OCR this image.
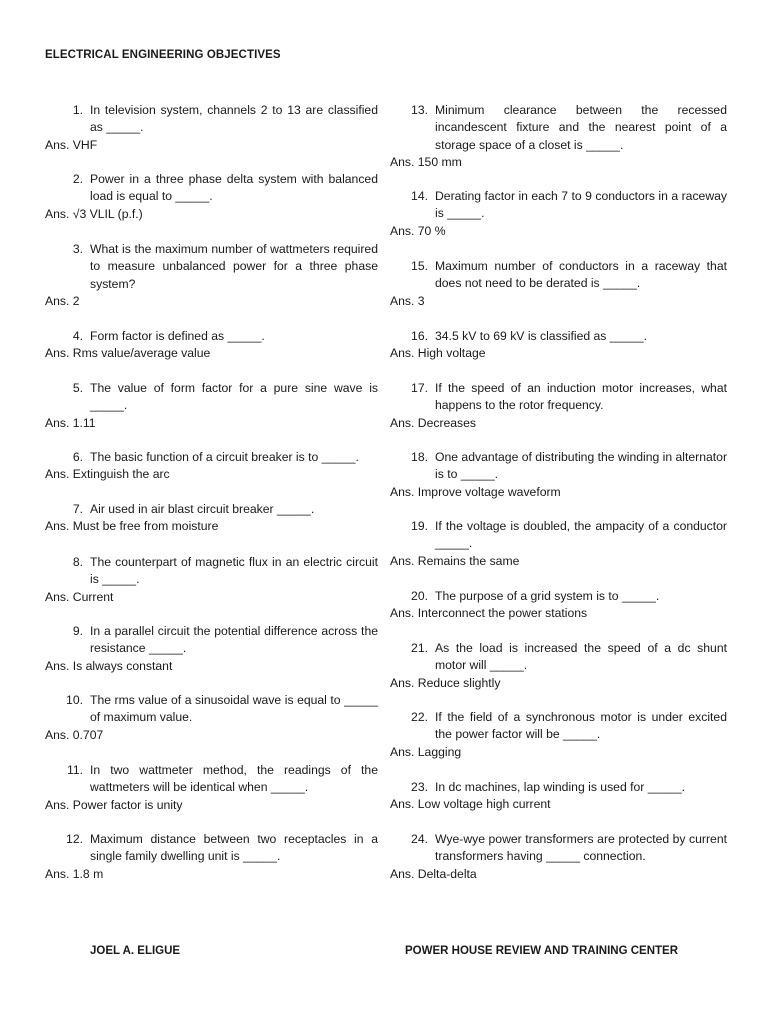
ELECTRICAL ENGINEERING OBJECTIVES
1. In television system, channels 2 to 13 are classified as _____.
Ans. VHF
2. Power in a three phase delta system with balanced load is equal to _____.
Ans. √3 VLIL (p.f.)
3. What is the maximum number of wattmeters required to measure unbalanced power for a three phase system?
Ans. 2
4. Form factor is defined as _____.
Ans. Rms value/average value
5. The value of form factor for a pure sine wave is _____.
Ans. 1.11
6. The basic function of a circuit breaker is to _____.
Ans. Extinguish the arc
7. Air used in air blast circuit breaker _____.
Ans. Must be free from moisture
8. The counterpart of magnetic flux in an electric circuit is _____.
Ans. Current
9. In a parallel circuit the potential difference across the resistance _____.
Ans. Is always constant
10. The rms value of a sinusoidal wave is equal to _____ of maximum value.
Ans. 0.707
11. In two wattmeter method, the readings of the wattmeters will be identical when _____.
Ans. Power factor is unity
12. Maximum distance between two receptacles in a single family dwelling unit is _____.
Ans. 1.8 m
13. Minimum clearance between the recessed incandescent fixture and the nearest point of a storage space of a closet is _____.
Ans. 150 mm
14. Derating factor in each 7 to 9 conductors in a raceway is _____.
Ans. 70 %
15. Maximum number of conductors in a raceway that does not need to be derated is _____.
Ans. 3
16. 34.5 kV to 69 kV is classified as _____.
Ans. High voltage
17. If the speed of an induction motor increases, what happens to the rotor frequency.
Ans. Decreases
18. One advantage of distributing the winding in alternator is to _____.
Ans. Improve voltage waveform
19. If the voltage is doubled, the ampacity of a conductor _____.
Ans. Remains the same
20. The purpose of a grid system is to _____.
Ans. Interconnect the power stations
21. As the load is increased the speed of a dc shunt motor will _____.
Ans. Reduce slightly
22. If the field of a synchronous motor is under excited the power factor will be _____.
Ans. Lagging
23. In dc machines, lap winding is used for _____.
Ans. Low voltage high current
24. Wye-wye power transformers are protected by current transformers having _____ connection.
Ans. Delta-delta
JOEL A. ELIGUE	POWER HOUSE REVIEW AND TRAINING CENTER
